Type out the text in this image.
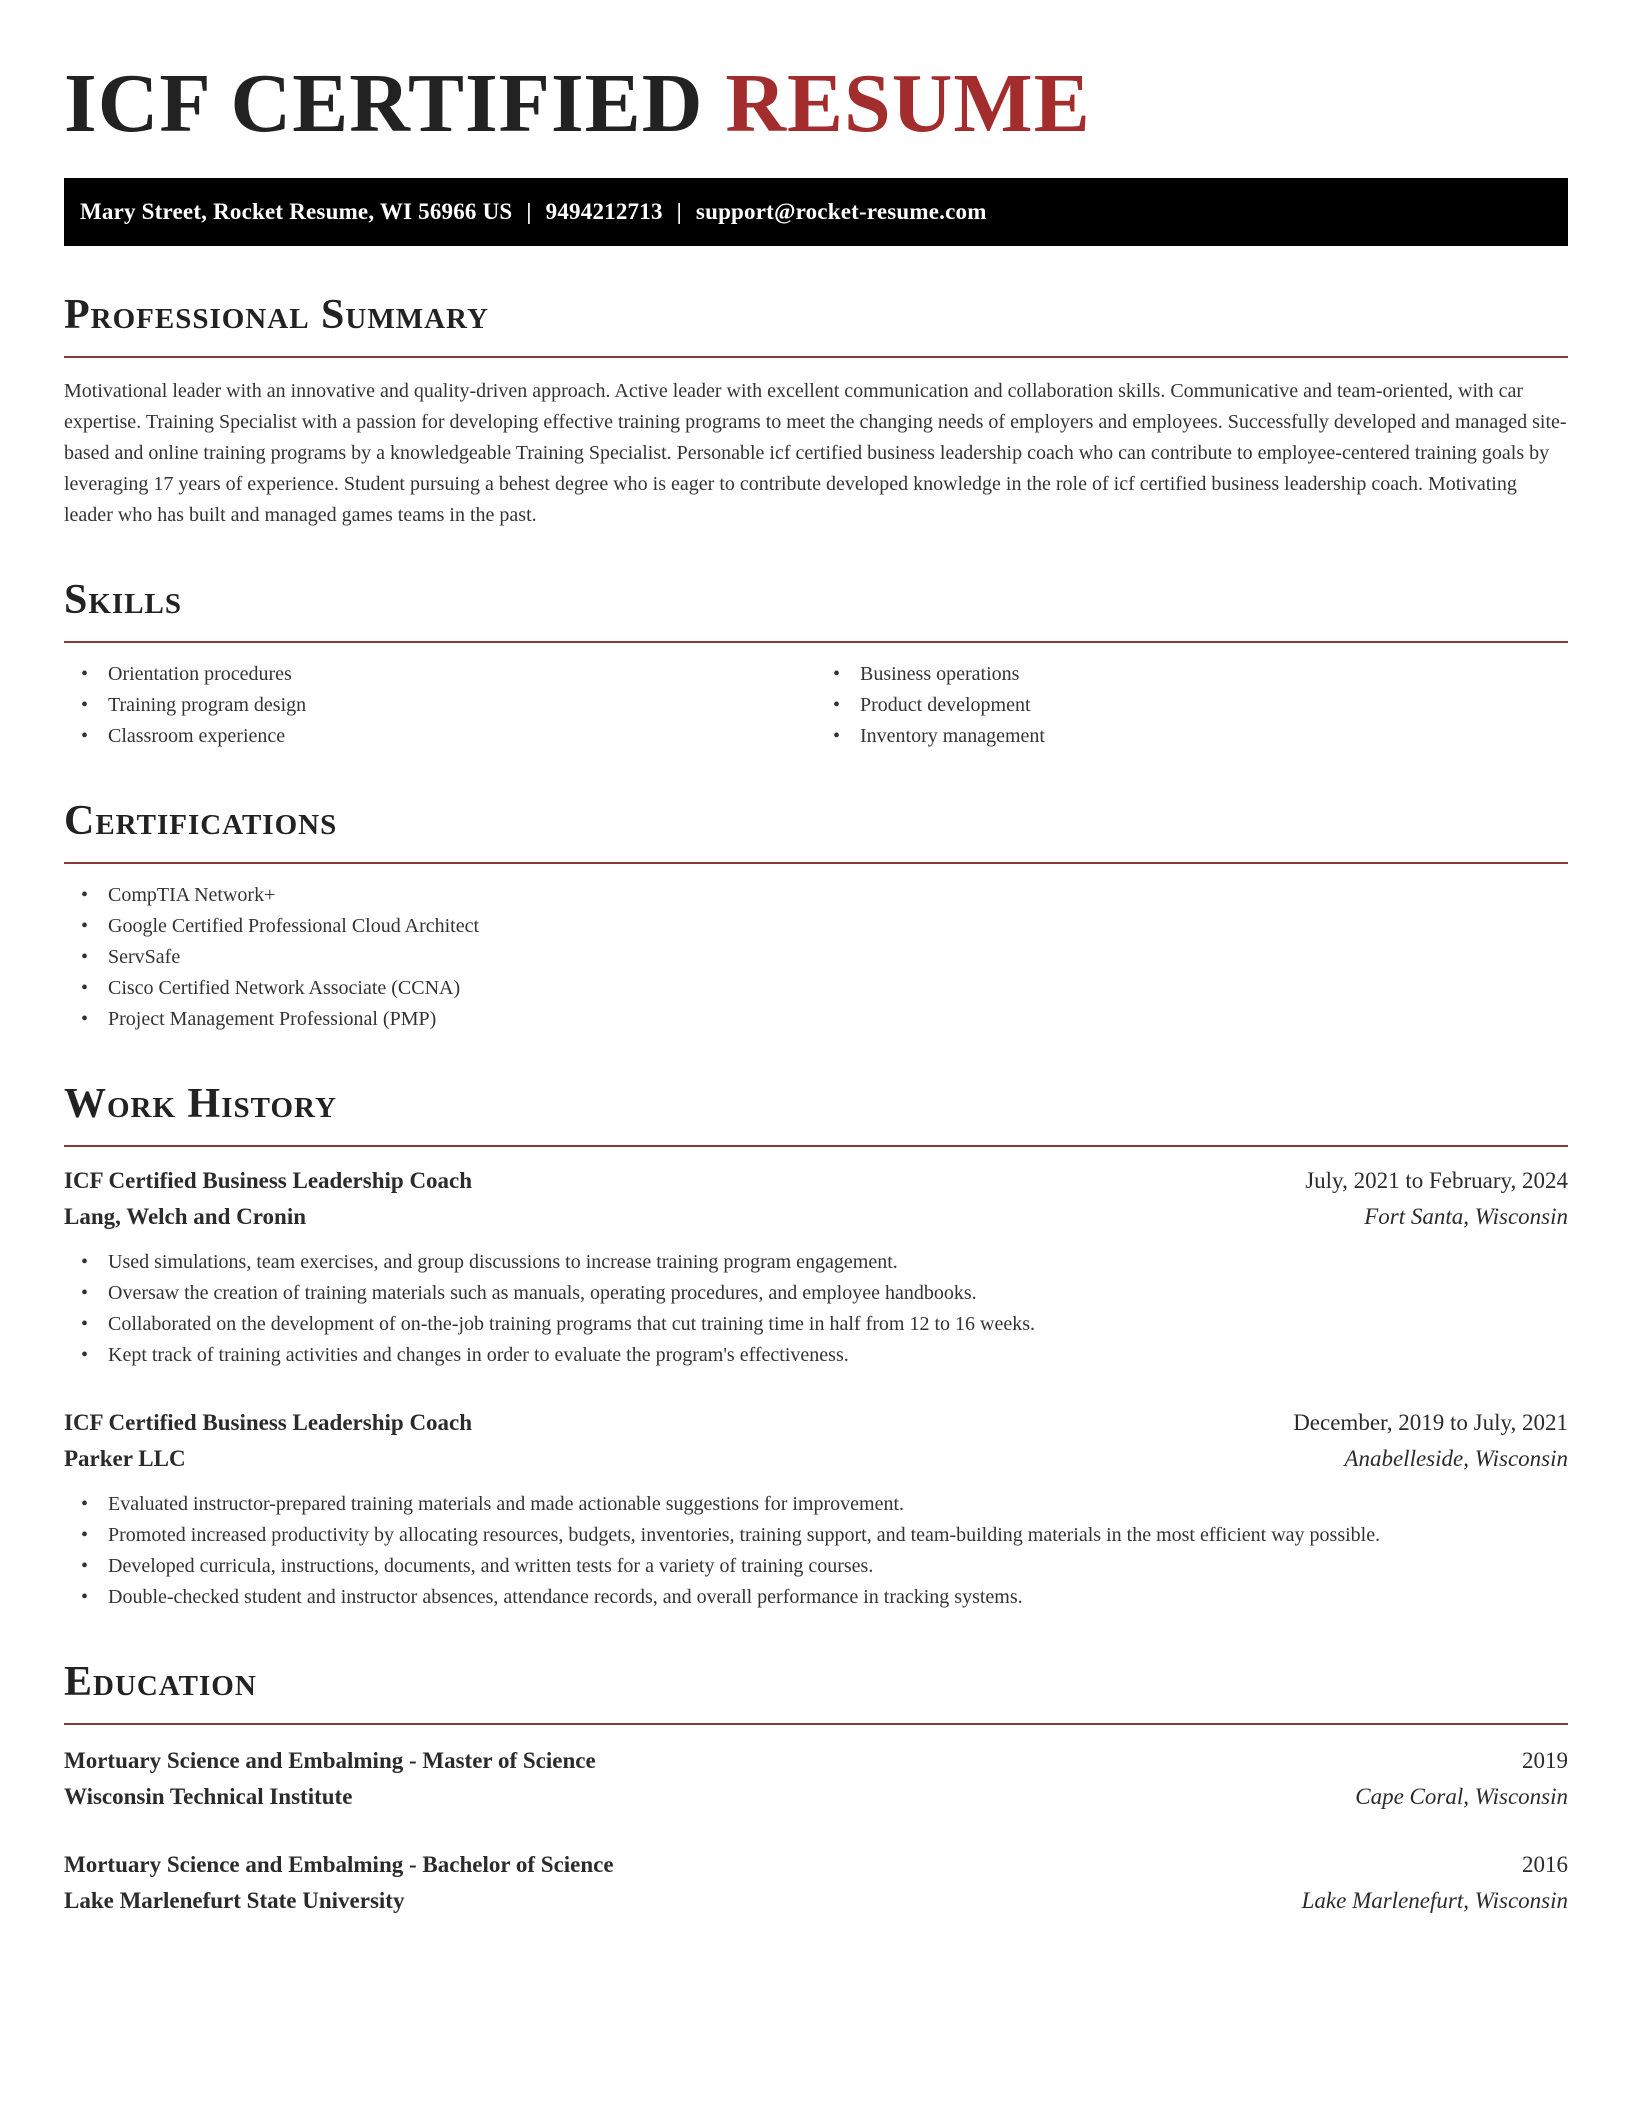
ICF CERTIFIED RESUME
Mary Street, Rocket Resume, WI 56966 US | 9494212713 | support@rocket-resume.com
Professional Summary

Motivational leader with an innovative and quality-driven approach. Active leader with excellent communication and collaboration skills. Communicative and team-oriented, with car expertise. Training Specialist with a passion for developing effective training programs to meet the changing needs of employers and employees. Successfully developed and managed site-based and online training programs by a knowledgeable Training Specialist. Personable icf certified business leadership coach who can contribute to employee-centered training goals by leveraging 17 years of experience. Student pursuing a behest degree who is eager to contribute developed knowledge in the role of icf certified business leadership coach. Motivating leader who has built and managed games teams in the past.

Skills
• Orientation procedures
• Training program design
• Classroom experience
• Business operations
• Product development
• Inventory management
Certifications
• CompTIA Network+
• Google Certified Professional Cloud Architect
• ServSafe
• Cisco Certified Network Associate (CCNA)
• Project Management Professional (PMP)
Work History
ICF Certified Business Leadership Coach	July, 2021 to February, 2024
Lang, Welch and Cronin	Fort Santa, Wisconsin
• Used simulations, team exercises, and group discussions to increase training program engagement.
• Oversaw the creation of training materials such as manuals, operating procedures, and employee handbooks.
• Collaborated on the development of on-the-job training programs that cut training time in half from 12 to 16 weeks.
• Kept track of training activities and changes in order to evaluate the program's effectiveness.
ICF Certified Business Leadership Coach	December, 2019 to July, 2021
Parker LLC	Anabelleside, Wisconsin
• Evaluated instructor-prepared training materials and made actionable suggestions for improvement.
• Promoted increased productivity by allocating resources, budgets, inventories, training support, and team-building materials in the most efficient way possible.
• Developed curricula, instructions, documents, and written tests for a variety of training courses.
• Double-checked student and instructor absences, attendance records, and overall performance in tracking systems.
Education
Mortuary Science and Embalming - Master of Science	2019
Wisconsin Technical Institute	Cape Coral, Wisconsin
Mortuary Science and Embalming - Bachelor of Science	2016
Lake Marlenefurt State University	Lake Marlenefurt, Wisconsin
